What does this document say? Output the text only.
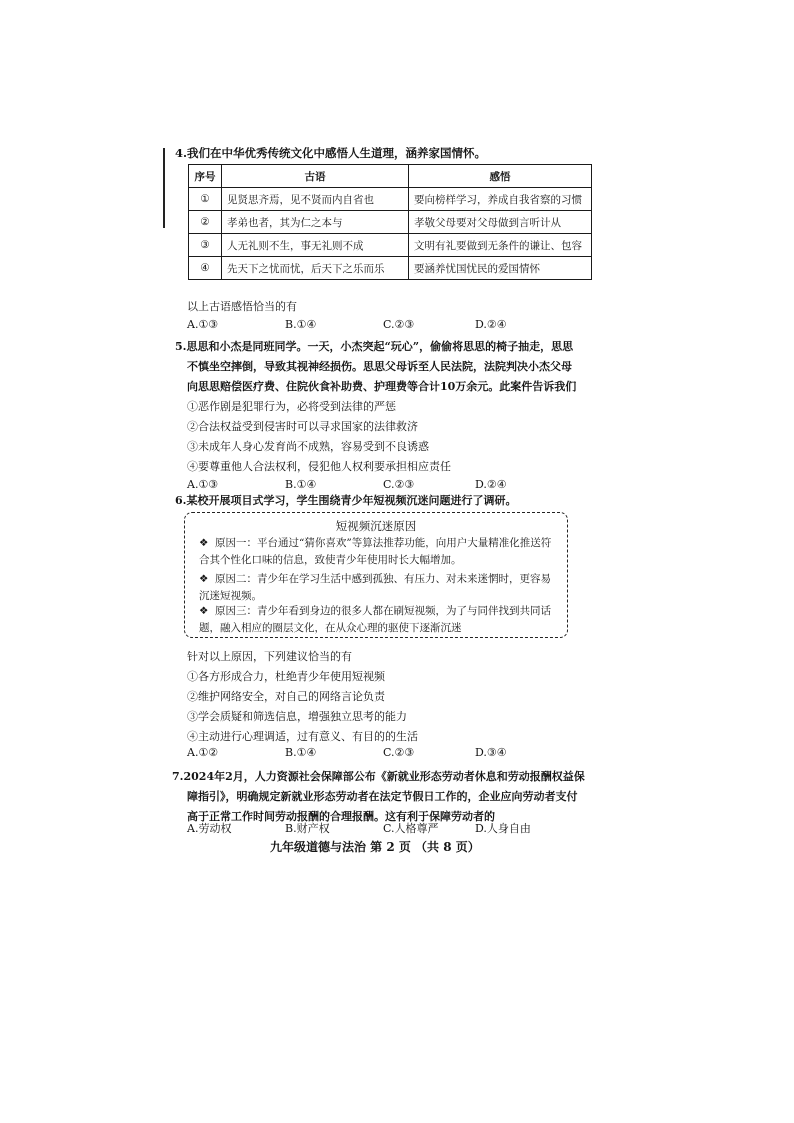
4.我们在中华优秀传统文化中感悟人生道理，涵养家国情怀。
序号	古语	感悟
①	见贤思齐焉，见不贤而内自省也	要向榜样学习，养成自我省察的习惯
②	孝弟也者，其为仁之本与	孝敬父母要对父母做到言听计从
③	人无礼则不生，事无礼则不成	文明有礼要做到无条件的谦让、包容
④	先天下之忧而忧，后天下之乐而乐	要涵养忧国忧民的爱国情怀
以上古语感悟恰当的有
A.①③	B.①④	C.②③	D.②④
5.思思和小杰是同班同学。一天，小杰突起“玩心”，偷偷将思思的椅子抽走，思思
不慎坐空摔倒，导致其视神经损伤。思思父母诉至人民法院，法院判决小杰父母
向思思赔偿医疗费、住院伙食补助费、护理费等合计10万余元。此案件告诉我们
①恶作剧是犯罪行为，必将受到法律的严惩
②合法权益受到侵害时可以寻求国家的法律救济
③未成年人身心发育尚不成熟，容易受到不良诱惑
④要尊重他人合法权利，侵犯他人权利要承担相应责任
A.①③	B.①④	C.②③	D.②④
6.某校开展项目式学习，学生围绕青少年短视频沉迷问题进行了调研。
短视频沉迷原因
❖ 原因一：平台通过“猜你喜欢”等算法推荐功能，向用户大量精准化推送符合其个性化口味的信息，致使青少年使用时长大幅增加。
❖ 原因二：青少年在学习生活中感到孤独、有压力、对未来迷惘时，更容易沉迷短视频。
❖ 原因三：青少年看到身边的很多人都在刷短视频，为了与同伴找到共同话题，融入相应的圈层文化，在从众心理的驱使下逐渐沉迷
针对以上原因，下列建议恰当的有
①各方形成合力，杜绝青少年使用短视频
②维护网络安全，对自己的网络言论负责
③学会质疑和筛选信息，增强独立思考的能力
④主动进行心理调适，过有意义、有目的的生活
A.①②	B.①④	C.②③	D.③④
7.2024年2月，人力资源社会保障部公布《新就业形态劳动者休息和劳动报酬权益保
障指引》，明确规定新就业形态劳动者在法定节假日工作的，企业应向劳动者支付
高于正常工作时间劳动报酬的合理报酬。这有利于保障劳动者的
A.劳动权	B.财产权	C.人格尊严	D.人身自由
九年级道德与法治 第 2 页 （共 8 页）
